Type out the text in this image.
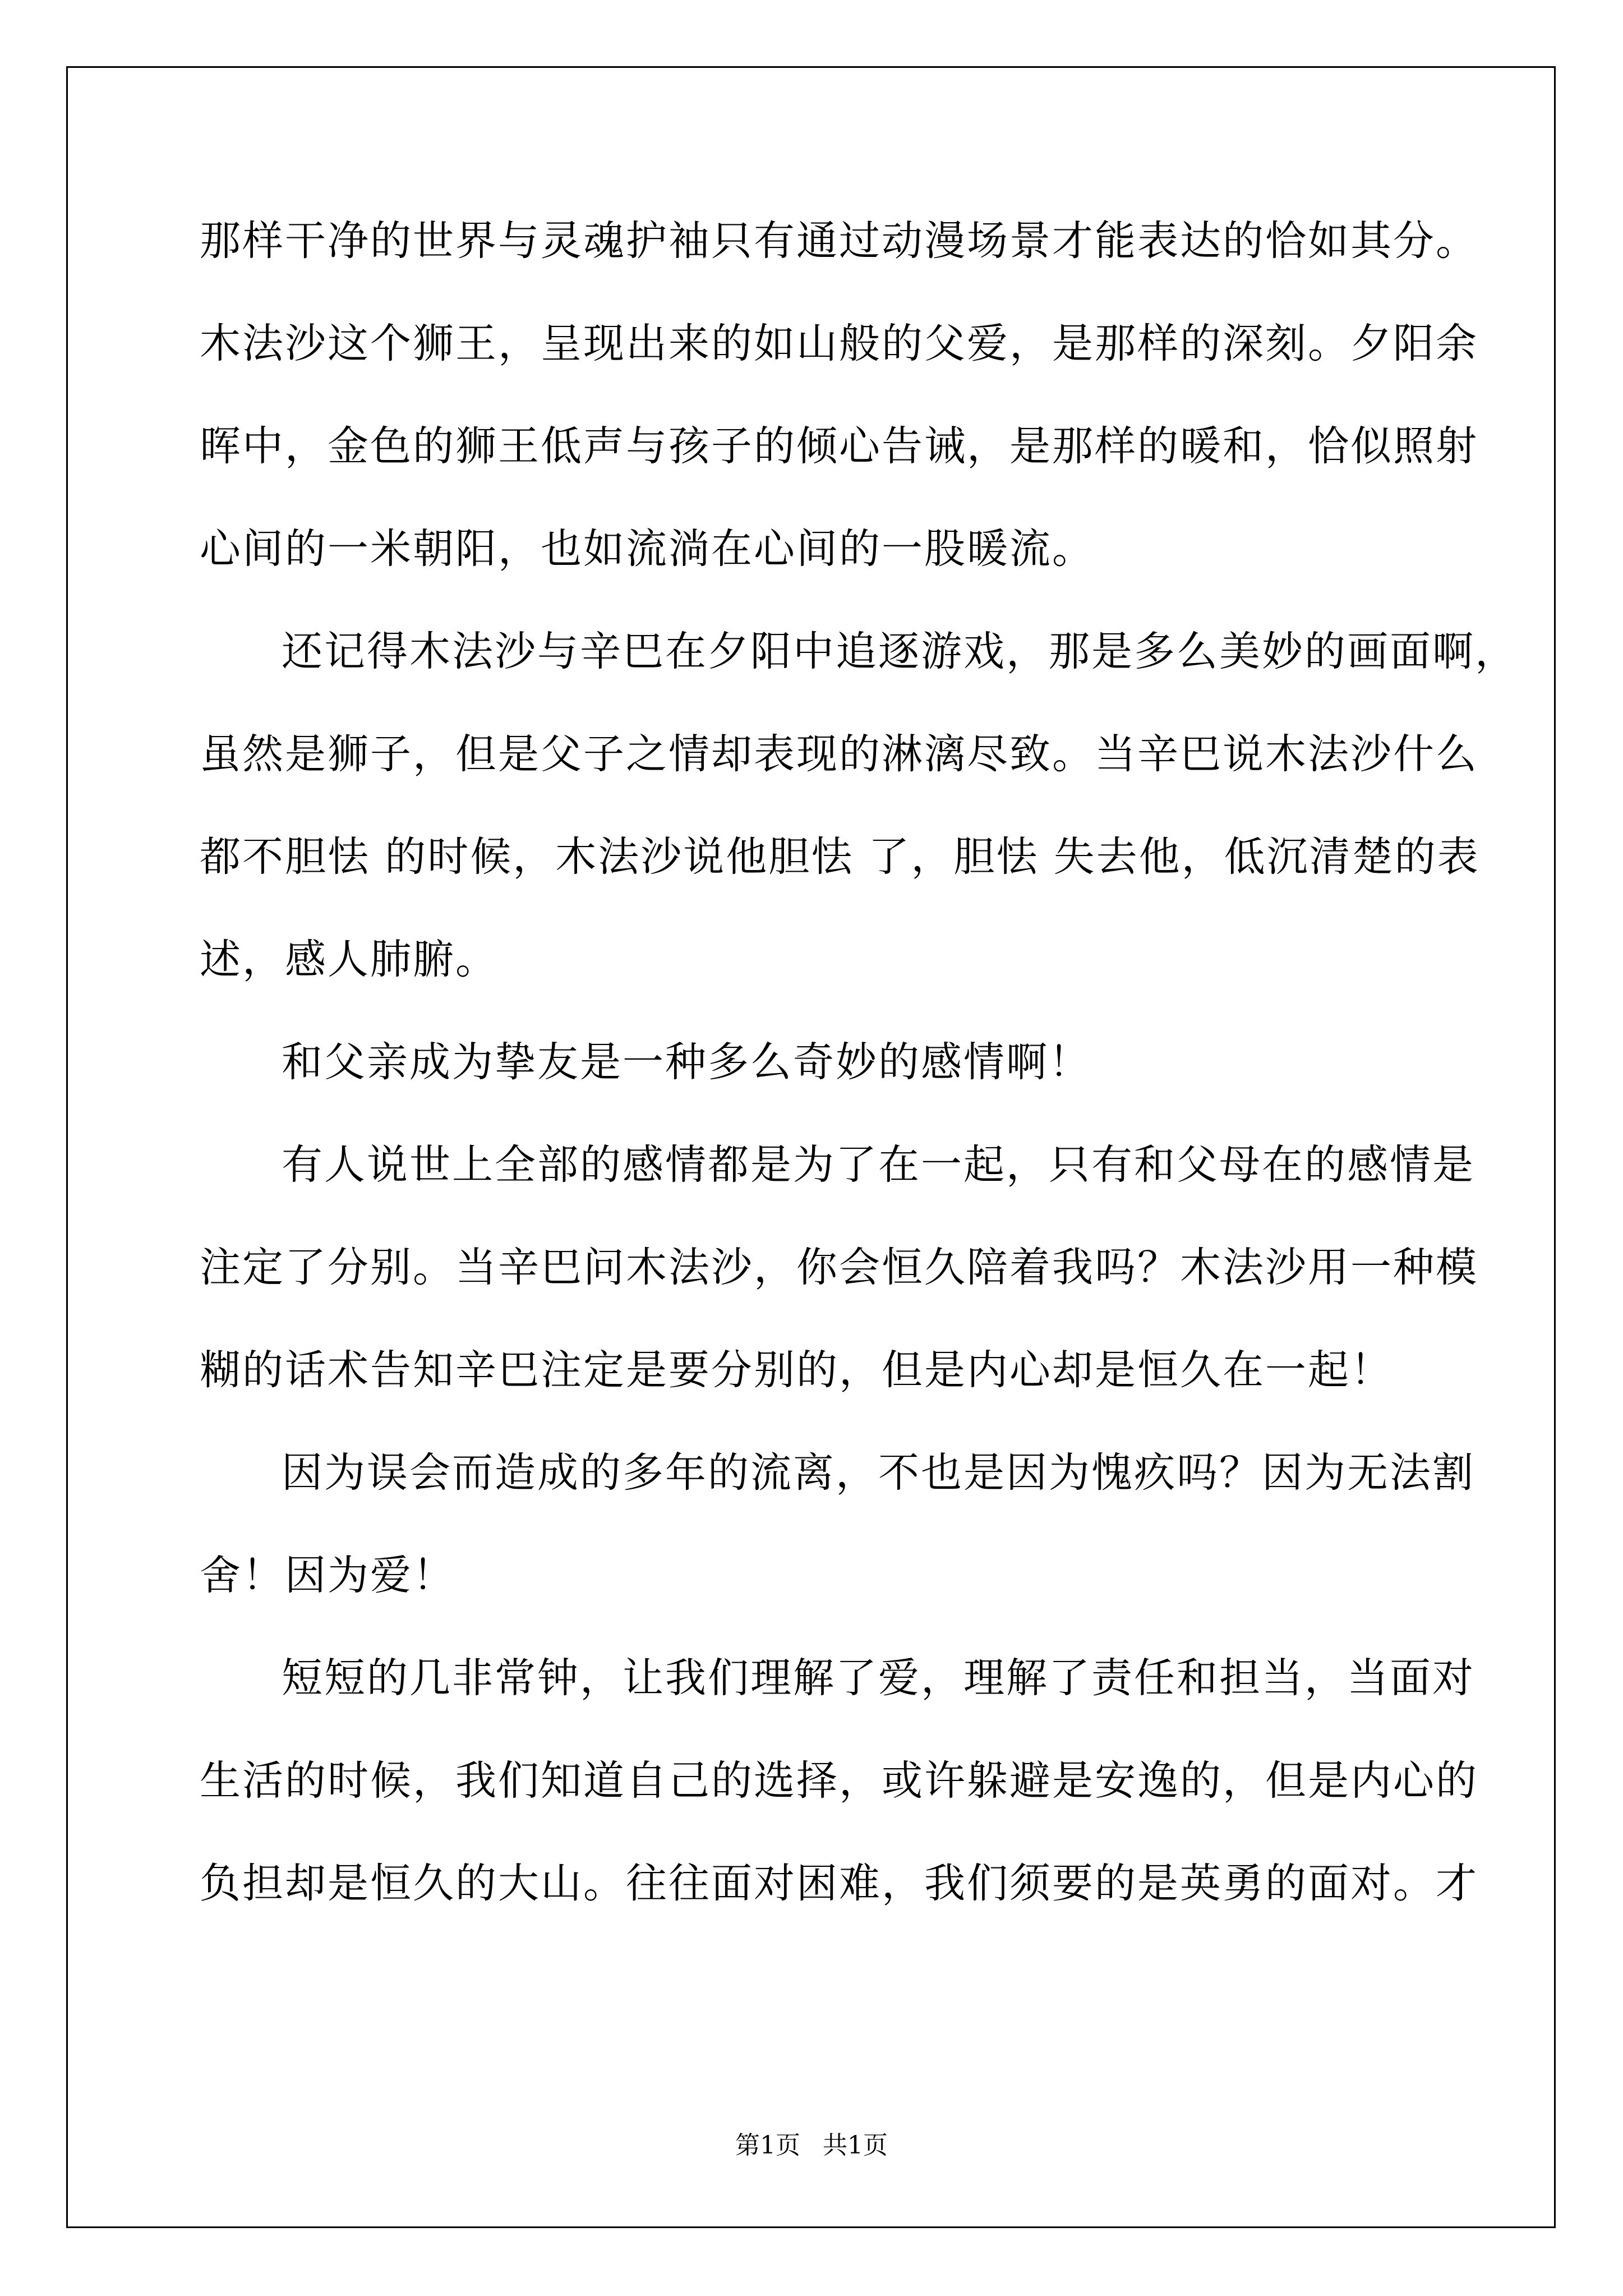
那样干净的世界与灵魂护袖只有通过动漫场景才能表达的恰如其分。
木法沙这个狮王，呈现出来的如山般的父爱，是那样的深刻。夕阳余
晖中，金色的狮王低声与孩子的倾心告诫，是那样的暖和，恰似照射
心间的一米朝阳，也如流淌在心间的一股暖流。
还记得木法沙与辛巴在夕阳中追逐游戏，那是多么美妙的画面啊，
虽然是狮子，但是父子之情却表现的淋漓尽致。当辛巴说木法沙什么
都不胆怯 的时候，木法沙说他胆怯 了，胆怯 失去他，低沉清楚的表
述，感人肺腑。
和父亲成为挚友是一种多么奇妙的感情啊！
有人说世上全部的感情都是为了在一起，只有和父母在的感情是
注定了分别。当辛巴问木法沙，你会恒久陪着我吗？木法沙用一种模
糊的话术告知辛巴注定是要分别的，但是内心却是恒久在一起！
因为误会而造成的多年的流离，不也是因为愧疚吗？因为无法割
舍！因为爱！
短短的几非常钟，让我们理解了爱，理解了责任和担当，当面对
生活的时候，我们知道自己的选择，或许躲避是安逸的，但是内心的
负担却是恒久的大山。往往面对困难，我们须要的是英勇的面对。才
第1页 共1页
